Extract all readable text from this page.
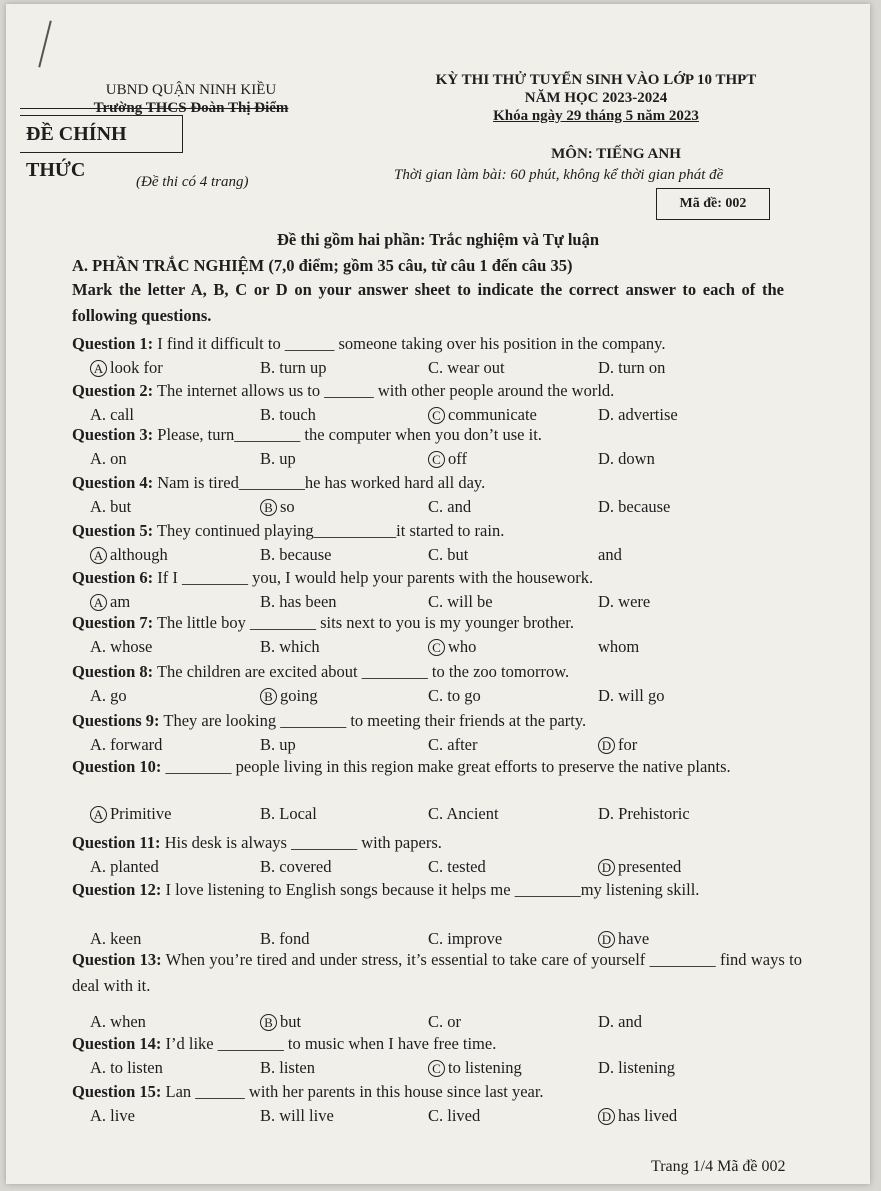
UBND QUẬN NINH KIỀU
Trường THCS Đoàn Thị Điểm
ĐỀ CHÍNH THỨC
(Đề thi có 4 trang)
KỲ THI THỬ TUYỂN SINH VÀO LỚP 10 THPT
NĂM HỌC 2023-2024
Khóa ngày 29 tháng 5 năm 2023
MÔN: TIẾNG ANH
Thời gian làm bài: 60 phút, không kể thời gian phát đề
Mã đề: 002
Đề thi gồm hai phần: Trắc nghiệm và Tự luận
A. PHẦN TRẮC NGHIỆM (7,0 điểm; gồm 35 câu, từ câu 1 đến câu 35)
Mark the letter A, B, C or D on your answer sheet to indicate the correct answer to each of the following questions.
Question 1: I find it difficult to ______ someone taking over his position in the company.
A look for	B. turn up	C. wear out	D. turn on
Question 2: The internet allows us to ______ with other people around the world.
A. call	B. touch	C communicate	D. advertise
Question 3: Please, turn________ the computer when you don’t use it.
A. on	B. up	C off	D. down
Question 4: Nam is tired________he has worked hard all day.
A. but	B so	C. and	D. because
Question 5: They continued playing__________it started to rain.
A although	B. because	C. but	and
Question 6: If I ________ you, I would help your parents with the housework.
A am	B. has been	C. will be	D. were
Question 7: The little boy ________ sits next to you is my younger brother.
A. whose	B. which	C who	whom
Question 8: The children are excited about ________ to the zoo tomorrow.
A. go	B going	C. to go	D. will go
Questions 9: They are looking ________ to meeting their friends at the party.
A. forward	B. up	C. after	D for
Question 10: ________ people living in this region make great efforts to preserve the native plants.
A Primitive	B. Local	C. Ancient	D. Prehistoric
Question 11: His desk is always ________ with papers.
A. planted	B. covered	C. tested	D presented
Question 12: I love listening to English songs because it helps me ________my listening skill.
A. keen	B. fond	C. improve	D have
Question 13: When you’re tired and under stress, it’s essential to take care of yourself ________ find ways to deal with it.
A. when	B but	C. or	D. and
Question 14: I’d like ________ to music when I have free time.
A. to listen	B. listen	C to listening	D. listening
Question 15: Lan ______ with her parents in this house since last year.
A. live	B. will live	C. lived	D has lived
Trang 1/4 Mã đề 002
